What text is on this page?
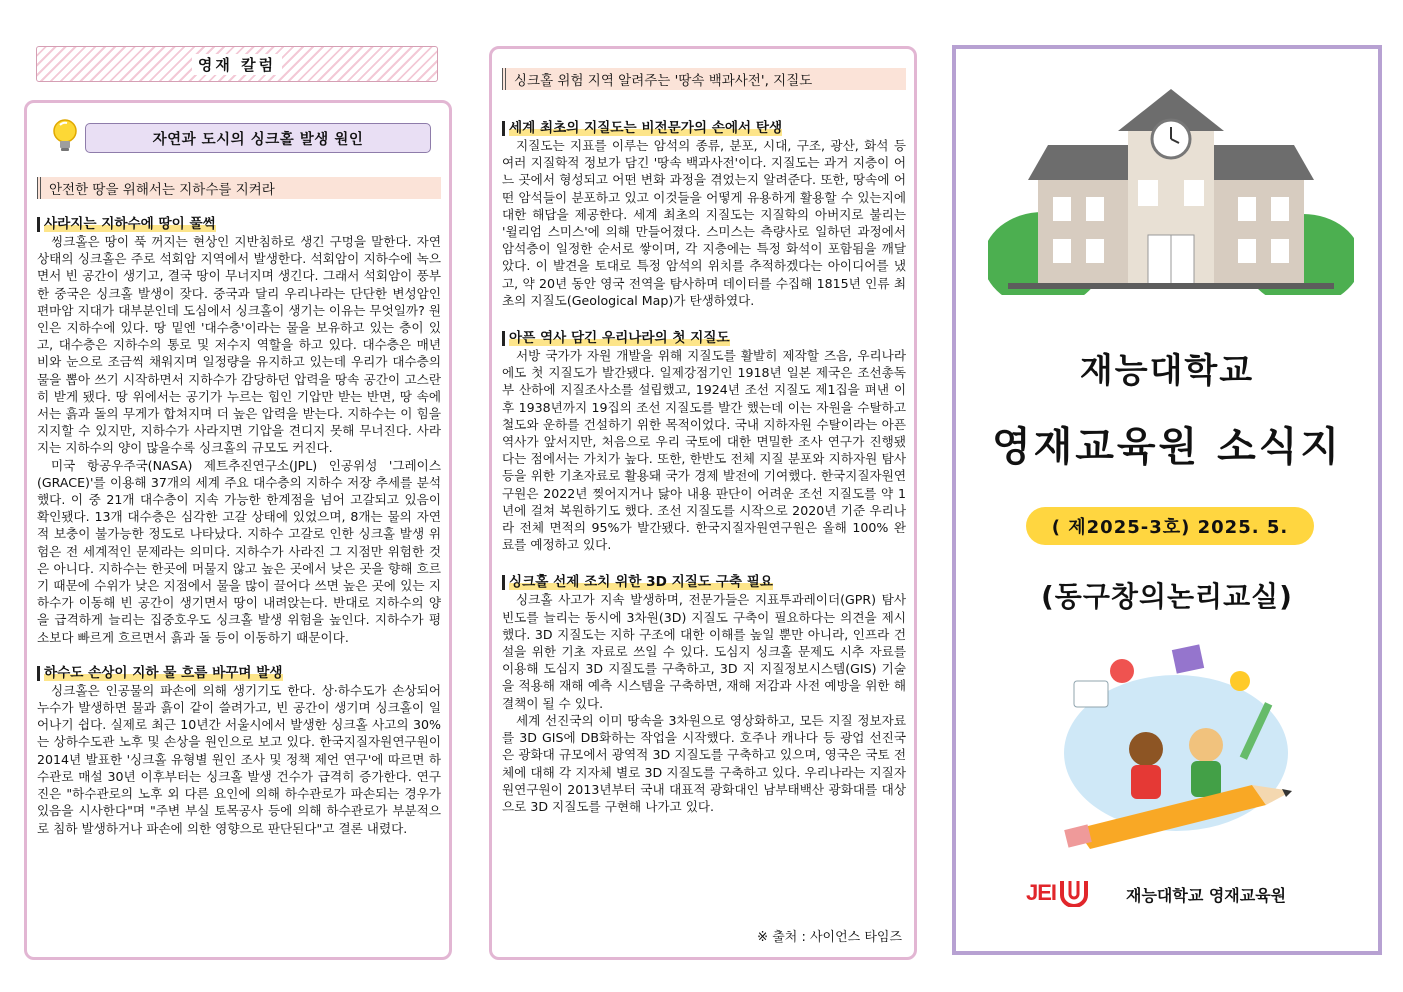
영재 칼럼
자연과 도시의 싱크홀 발생 원인
안전한 땅을 위해서는 지하수를 지켜라
사라지는 지하수에 땅이 풀썩

씽크홀은 땅이 푹 꺼지는 현상인 지반침하로 생긴 구멍을 말한다. 자연 상태의 싱크홀은 주로 석회암 지역에서 발생한다. 석회암이 지하수에 녹으면서 빈 공간이 생기고, 결국 땅이 무너지며 생긴다. 그래서 석회암이 풍부한 중국은 싱크홀 발생이 잦다. 중국과 달리 우리나라는 단단한 변성암인 편마암 지대가 대부분인데 도심에서 싱크홀이 생기는 이유는 무엇일까? 원인은 지하수에 있다. 땅 밑엔 '대수층'이라는 물을 보유하고 있는 층이 있고, 대수층은 지하수의 통로 및 저수지 역할을 하고 있다. 대수층은 매년 비와 눈으로 조금씩 채워지며 일정량을 유지하고 있는데 우리가 대수층의 물을 뽑아 쓰기 시작하면서 지하수가 감당하던 압력을 땅속 공간이 고스란히 받게 됐다. 땅 위에서는 공기가 누르는 힘인 기압만 받는 반면, 땅 속에서는 흙과 돌의 무게가 합쳐지며 더 높은 압력을 받는다. 지하수는 이 힘을 지지할 수 있지만, 지하수가 사라지면 기압을 견디지 못해 무너진다. 사라지는 지하수의 양이 많을수록 싱크홀의 규모도 커진다.

미국 항공우주국(NASA) 제트추진연구소(JPL) 인공위성 '그레이스(GRACE)'를 이용해 37개의 세계 주요 대수층의 지하수 저장 추세를 분석했다. 이 중 21개 대수층이 지속 가능한 한계점을 넘어 고갈되고 있음이 확인됐다. 13개 대수층은 심각한 고갈 상태에 있었으며, 8개는 물의 자연적 보충이 불가능한 정도로 나타났다. 지하수 고갈로 인한 싱크홀 발생 위험은 전 세계적인 문제라는 의미다. 지하수가 사라진 그 지점만 위험한 것은 아니다. 지하수는 한곳에 머물지 않고 높은 곳에서 낮은 곳을 향해 흐르기 때문에 수위가 낮은 지점에서 물을 많이 끌어다 쓰면 높은 곳에 있는 지하수가 이동해 빈 공간이 생기면서 땅이 내려앉는다. 반대로 지하수의 양을 급격하게 늘리는 집중호우도 싱크홀 발생 위험을 높인다. 지하수가 평소보다 빠르게 흐르면서 흙과 돌 등이 이동하기 때문이다.

하수도 손상이 지하 물 흐름 바꾸며 발생

싱크홀은 인공물의 파손에 의해 생기기도 한다. 상·하수도가 손상되어 누수가 발생하면 물과 흙이 같이 쓸려가고, 빈 공간이 생기며 싱크홀이 일어나기 쉽다. 실제로 최근 10년간 서울시에서 발생한 싱크홀 사고의 30%는 상하수도관 노후 및 손상을 원인으로 보고 있다. 한국지질자원연구원이 2014년 발표한 '싱크홀 유형별 원인 조사 및 정책 제언 연구'에 따르면 하수관로 매설 30년 이후부터는 싱크홀 발생 건수가 급격히 증가한다. 연구진은 "하수관로의 노후 외 다른 요인에 의해 하수관로가 파손되는 경우가 있음을 시사한다"며 "주변 부실 토목공사 등에 의해 하수관로가 부분적으로 침하 발생하거나 파손에 의한 영향으로 판단된다"고 결론 내렸다.

싱크홀 위험 지역 알려주는 '땅속 백과사전', 지질도
세계 최초의 지질도는 비전문가의 손에서 탄생

지질도는 지표를 이루는 암석의 종류, 분포, 시대, 구조, 광산, 화석 등 여러 지질학적 정보가 담긴 '땅속 백과사전'이다. 지질도는 과거 지층이 어느 곳에서 형성되고 어떤 변화 과정을 겪었는지 알려준다. 또한, 땅속에 어떤 암석들이 분포하고 있고 이것들을 어떻게 유용하게 활용할 수 있는지에 대한 해답을 제공한다. 세계 최초의 지질도는 지질학의 아버지로 불리는 '윌리엄 스미스'에 의해 만들어졌다. 스미스는 측량사로 일하던 과정에서 암석층이 일정한 순서로 쌓이며, 각 지층에는 특정 화석이 포함됨을 깨달았다. 이 발견을 토대로 특정 암석의 위치를 추적하겠다는 아이디어를 냈고, 약 20년 동안 영국 전역을 탐사하며 데이터를 수집해 1815년 인류 최초의 지질도(Geological Map)가 탄생하였다.

아픈 역사 담긴 우리나라의 첫 지질도

서방 국가가 자원 개발을 위해 지질도를 활발히 제작할 즈음, 우리나라에도 첫 지질도가 발간됐다. 일제강점기인 1918년 일본 제국은 조선총독부 산하에 지질조사소를 설립했고, 1924년 조선 지질도 제1집을 펴낸 이후 1938년까지 19집의 조선 지질도를 발간 했는데 이는 자원을 수탈하고 철도와 운하를 건설하기 위한 목적이었다. 국내 지하자원 수탈이라는 아픈 역사가 앞서지만, 처음으로 우리 국토에 대한 면밀한 조사 연구가 진행됐다는 점에서는 가치가 높다. 또한, 한반도 전체 지질 분포와 지하자원 탐사 등을 위한 기초자료로 활용돼 국가 경제 발전에 기여했다. 한국지질자원연구원은 2022년 찢어지거나 닳아 내용 판단이 어려운 조선 지질도를 약 1년에 걸쳐 복원하기도 했다. 조선 지질도를 시작으로 2020년 기준 우리나라 전체 면적의 95%가 발간됐다. 한국지질자원연구원은 올해 100% 완료를 예정하고 있다.

싱크홀 선제 조치 위한 3D 지질도 구축 필요

싱크홀 사고가 지속 발생하며, 전문가들은 지표투과레이더(GPR) 탐사 빈도를 늘리는 동시에 3차원(3D) 지질도 구축이 필요하다는 의견을 제시했다. 3D 지질도는 지하 구조에 대한 이해를 높일 뿐만 아니라, 인프라 건설을 위한 기초 자료로 쓰일 수 있다. 도심지 싱크홀 문제도 시추 자료를 이용해 도심지 3D 지질도를 구축하고, 3D 지 지질정보시스템(GIS) 기술을 적용해 재해 예측 시스템을 구축하면, 재해 저감과 사전 예방을 위한 해결책이 될 수 있다.

세계 선진국의 이미 땅속을 3차원으로 영상화하고, 모든 지질 정보자료를 3D GIS에 DB화하는 작업을 시작했다. 호주나 캐나다 등 광업 선진국은 광화대 규모에서 광역적 3D 지질도를 구축하고 있으며, 영국은 국토 전체에 대해 각 지자체 별로 3D 지질도를 구축하고 있다. 우리나라는 지질자원연구원이 2013년부터 국내 대표적 광화대인 남부태백산 광화대를 대상으로 3D 지질도를 구현해 나가고 있다.

※ 출처 : 사이언스 타임즈
재능대학교
영재교육원 소식지
( 제2025-3호) 2025. 5.
(동구창의논리교실)
JEI	재능대학교 영재교육원
